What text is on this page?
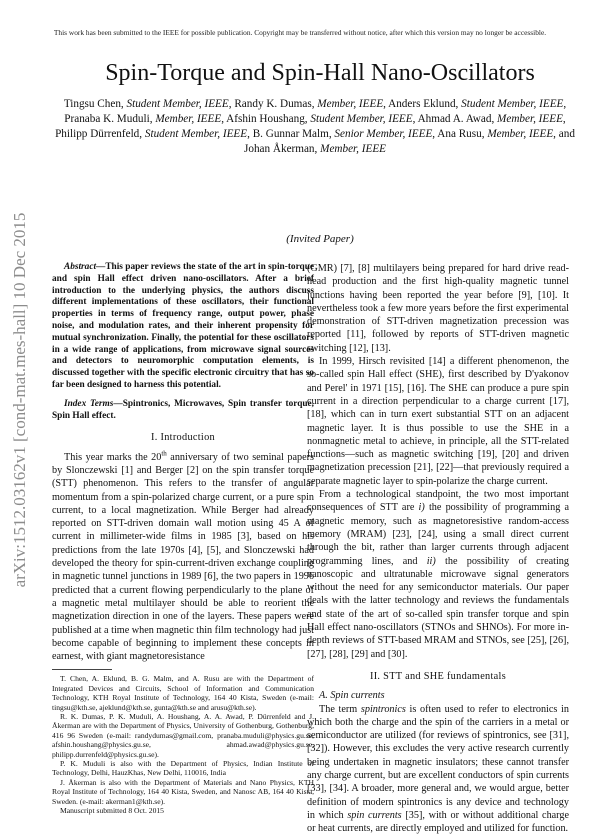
This work has been submitted to the IEEE for possible publication. Copyright may be transferred without notice, after which this version may no longer be accessible.
arXiv:1512.03162v1 [cond-mat.mes-hall] 10 Dec 2015
Spin-Torque and Spin-Hall Nano-Oscillators
Tingsu Chen, Student Member, IEEE, Randy K. Dumas, Member, IEEE, Anders Eklund, Student Member, IEEE, Pranaba K. Muduli, Member, IEEE, Afshin Houshang, Student Member, IEEE, Ahmad A. Awad, Member, IEEE, Philipp Dürrenfeld, Student Member, IEEE, B. Gunnar Malm, Senior Member, IEEE, Ana Rusu, Member, IEEE, and Johan Åkerman, Member, IEEE
(Invited Paper)

Abstract—This paper reviews the state of the art in spin-torque and spin Hall effect driven nano-oscillators. After a brief introduction to the underlying physics, the authors discuss different implementations of these oscillators, their functional properties in terms of frequency range, output power, phase noise, and modulation rates, and their inherent propensity for mutual synchronization. Finally, the potential for these oscillators in a wide range of applications, from microwave signal sources and detectors to neuromorphic computation elements, is discussed together with the specific electronic circuitry that has so far been designed to harness this potential.

Index Terms—Spintronics, Microwaves, Spin transfer torque, Spin Hall effect.

I. Introduction

This year marks the 20th anniversary of two seminal papers by Slonczewski [1] and Berger [2] on the spin transfer torque (STT) phenomenon. This refers to the transfer of angular momentum from a spin-polarized charge current, or a pure spin current, to a local magnetization. While Berger had already reported on STT-driven domain wall motion using 45 A of current in millimeter-wide films in 1985 [3], based on his predictions from the late 1970s [4], [5], and Slonczewski had developed the theory for spin-current-driven exchange coupling in magnetic tunnel junctions in 1989 [6], the two papers in 1996 predicted that a current flowing perpendicularly to the plane of a magnetic metal multilayer should be able to reorient the magnetization direction in one of the layers. These papers were published at a time when magnetic thin film technology had just become capable of beginning to implement these concepts in earnest, with giant magnetoresistance

T. Chen, A. Eklund, B. G. Malm, and A. Rusu are with the Department of Integrated Devices and Circuits, School of Information and Communication Technology, KTH Royal Institute of Technology, 164 40 Kista, Sweden (e-mail: tingsu@kth.se, ajeklund@kth.se, gunta@kth.se and arusu@kth.se).

R. K. Dumas, P. K. Muduli, A. Houshang, A. A. Awad, P. Dürrenfeld and J. Åkerman are with the Department of Physics, University of Gothenburg, Gothenburg, 416 96 Sweden (e-mail: randydumas@gmail.com, pranaba.muduli@physics.gu.se, afshin.houshang@physics.gu.se, ahmad.awad@physics.gu.se, philipp.durrenfeld@physics.gu.se).

P. K. Muduli is also with the Department of Physics, Indian Institute of Technology, Delhi, HauzKhas, New Delhi, 110016, India

J. Åkerman is also with the Department of Materials and Nano Physics, KTH Royal Institute of Technology, 164 40 Kista, Sweden, and Nanosc AB, 164 40 Kista, Sweden. (e-mail: akerman1@kth.se).

Manuscript submitted 8 Oct. 2015

(GMR) [7], [8] multilayers being prepared for hard drive read-head production and the first high-quality magnetic tunnel junctions having been reported the year before [9], [10]. It nevertheless took a few more years before the first experimental demonstration of STT-driven magnetization precession was reported [11], followed by reports of STT-driven magnetic switching [12], [13].

In 1999, Hirsch revisited [14] a different phenomenon, the so-called spin Hall effect (SHE), first described by D'yakonov and Perel' in 1971 [15], [16]. The SHE can produce a pure spin current in a direction perpendicular to a charge current [17], [18], which can in turn exert substantial STT on an adjacent magnetic layer. It is thus possible to use the SHE in a nonmagnetic metal to achieve, in principle, all the STT-related functions—such as magnetic switching [19], [20] and driven magnetization precession [21], [22]—that previously required a separate magnetic layer to spin-polarize the charge current.

From a technological standpoint, the two most important consequences of STT are i) the possibility of programming a magnetic memory, such as magnetoresistive random-access memory (MRAM) [23], [24], using a small direct current through the bit, rather than larger currents through adjacent programming lines, and ii) the possibility of creating nanoscopic and ultratunable microwave signal generators without the need for any semiconductor materials. Our paper deals with the latter technology and reviews the fundamentals and state of the art of so-called spin transfer torque and spin Hall effect nano-oscillators (STNOs and SHNOs). For more in-depth reviews of STT-based MRAM and STNOs, see [25], [26], [27], [28], [29] and [30].

II. STT and SHE fundamentals

A. Spin currents

The term spintronics is often used to refer to electronics in which both the charge and the spin of the carriers in a metal or semiconductor are utilized (for reviews of spintronics, see [31], [32]). However, this excludes the very active research currently being undertaken in magnetic insulators; these cannot transfer any charge current, but are excellent conductors of spin currents [33], [34]. A broader, more general and, we would argue, better definition of modern spintronics is any device and technology in which spin currents [35], with or without additional charge or heat currents, are directly employed and utilized for function.
